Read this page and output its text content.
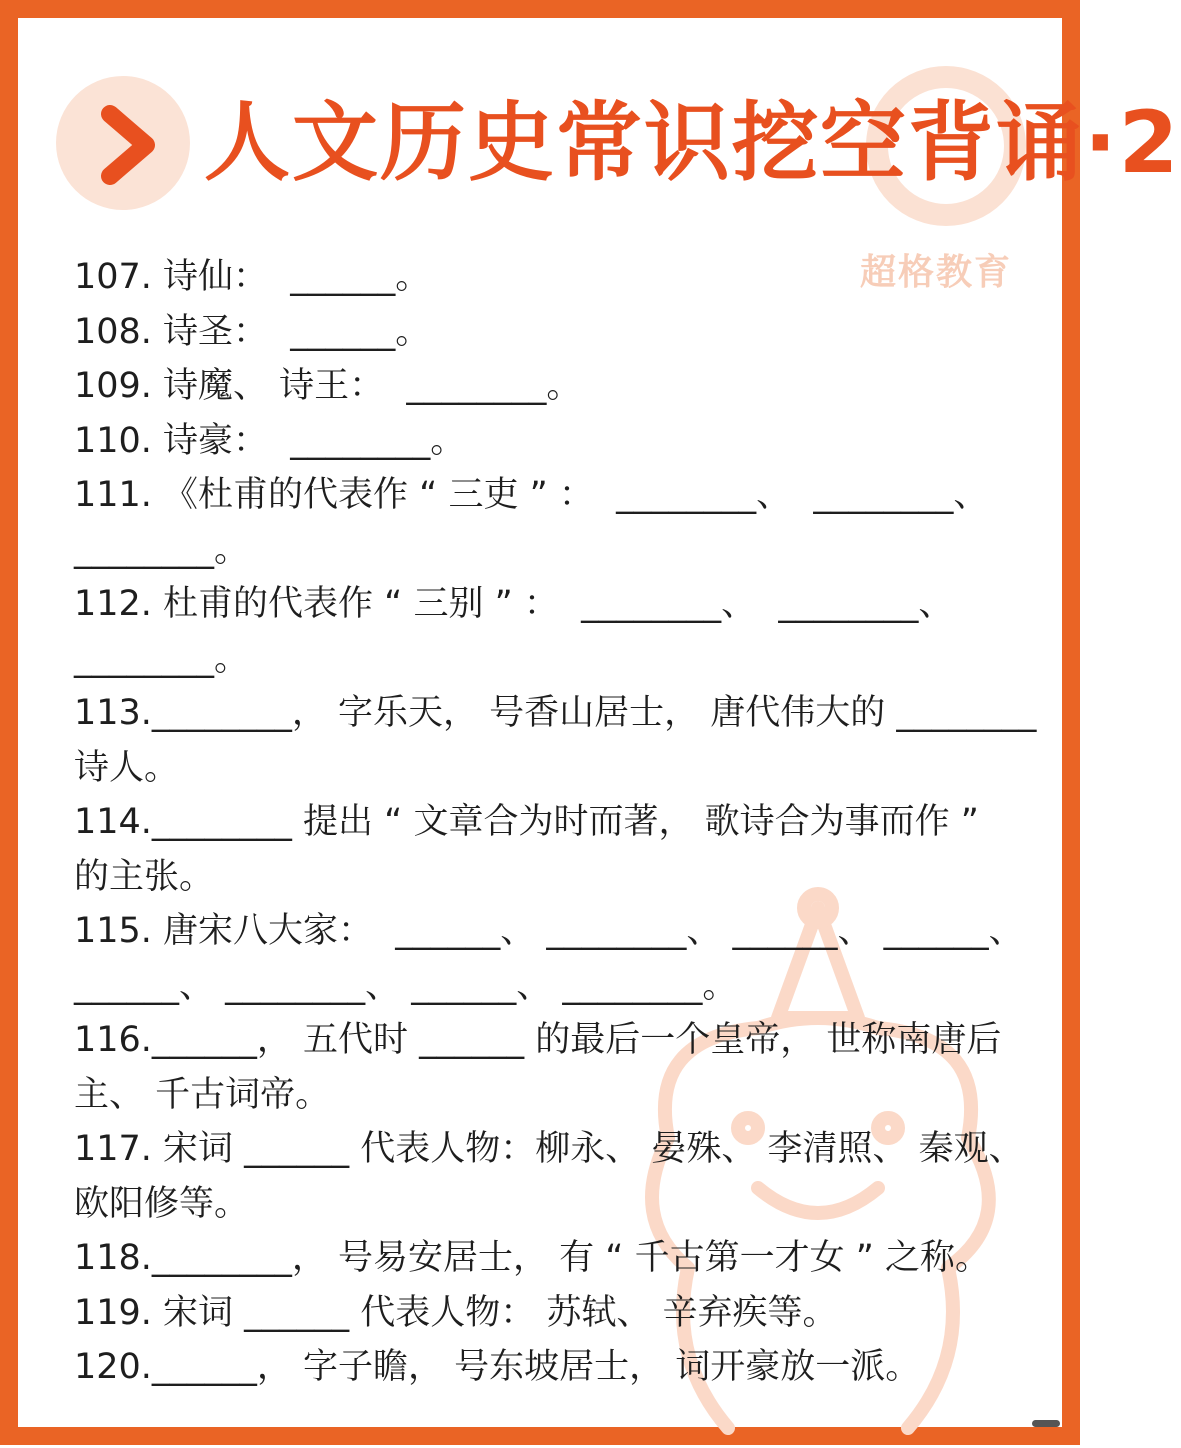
超格教育
人文历史常识挖空背诵·2
107. 诗仙：  ______。
108. 诗圣：  ______。
109. 诗魔、 诗王：  ________。
110. 诗豪：  ________。
111. 《杜甫的代表作 “ 三吏 ” ：  ________、  ________、
________。
112. 杜甫的代表作 “ 三别 ” ：  ________、  ________、
________。
113.________， 字乐天， 号香山居士， 唐代伟大的 ________
诗人。
114.________ 提出 “ 文章合为时而著， 歌诗合为事而作 ”
的主张。
115. 唐宋八大家：  ______、 ________、 ______、 ______、
______、 ________、 ______、 ________。
116.______， 五代时 ______ 的最后一个皇帝， 世称南唐后
主、 千古词帝。
117. 宋词 ______ 代表人物：柳永、 晏殊、 李清照、 秦观、
欧阳修等。
118.________， 号易安居士， 有 “ 千古第一才女 ” 之称。
119. 宋词 ______ 代表人物： 苏轼、 辛弃疾等。
120.______， 字子瞻， 号东坡居士， 词开豪放一派。
